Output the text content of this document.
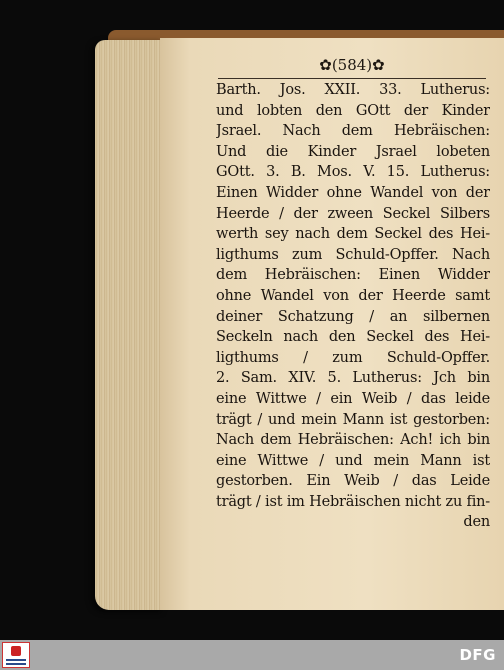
✿(584)✿
Barth. Jos. XXII. 33. Lutherus:
und lobten den GOtt der Kinder
Jsrael. Nach dem Hebräischen:
Und die Kinder Jsrael lobeten
GOtt. 3. B. Mos. V. 15. Lutherus:
Einen Widder ohne Wandel von der
Heerde / der zween Seckel Silbers
werth sey nach dem Seckel des Hei-
ligthums zum Schuld-Opffer. Nach
dem Hebräischen: Einen Widder
ohne Wandel von der Heerde samt
deiner Schatzung / an silbernen
Seckeln nach den Seckel des Hei-
ligthums / zum Schuld-Opffer.
2. Sam. XIV. 5. Lutherus: Jch bin
eine Wittwe / ein Weib / das leide
trägt / und mein Mann ist gestorben:
Nach dem Hebräischen: Ach! ich bin
eine Wittwe / und mein Mann ist
gestorben. Ein Weib / das Leide
trägt / ist im Hebräischen nicht zu fin-
den
DFG
